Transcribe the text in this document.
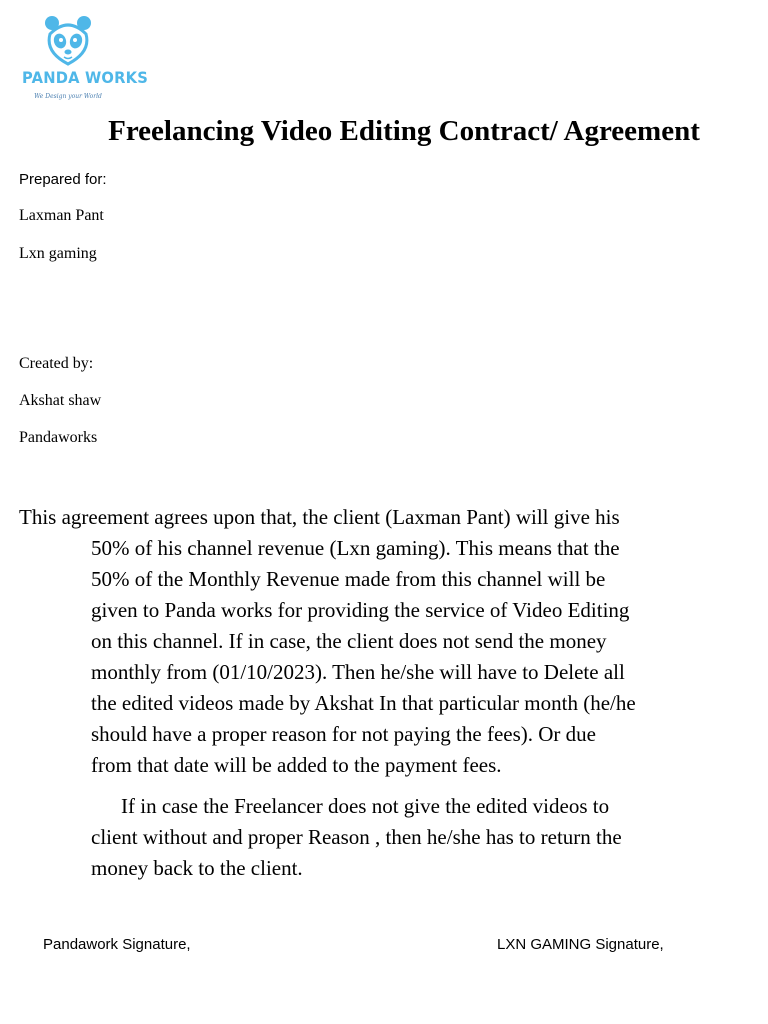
PANDA WORKS
We Design your World
Freelancing Video Editing Contract/ Agreement
Prepared for:
Laxman Pant
Lxn gaming
Created by:
Akshat shaw
Pandaworks
This agreement agrees upon that, the client (Laxman Pant) will give his
50% of his channel revenue (Lxn gaming). This means that the
50% of the Monthly Revenue made from this channel will be
given to Panda works for providing the service of Video Editing
on this channel. If in case, the client does not send the money
monthly from (01/10/2023). Then he/she will have to Delete all
the edited videos made by Akshat In that particular month (he/he
should have a proper reason for not paying the fees). Or due
from that date will be added to the payment fees.
If in case the Freelancer does not give the edited videos to
client without and proper Reason , then he/she has to return the
money back to the client.
Pandawork Signature,	LXN GAMING Signature,
